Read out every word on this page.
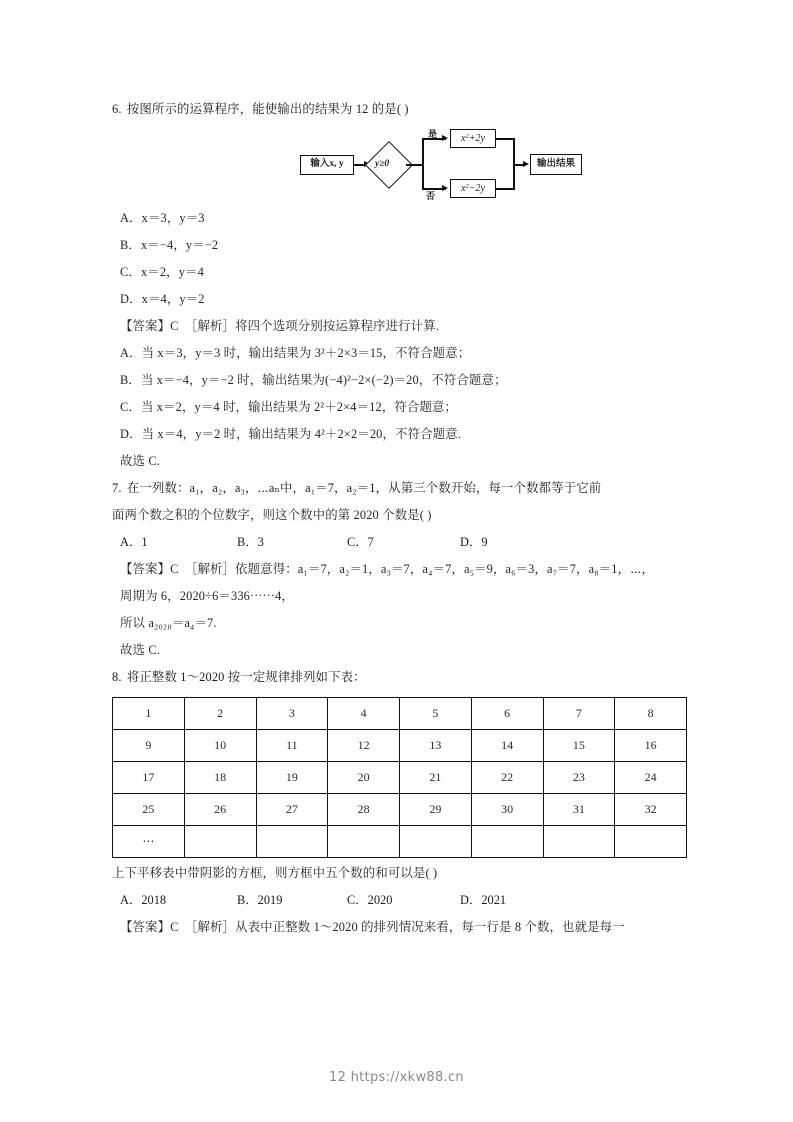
6. 按图所示的运算程序，能使输出的结果为 12 的是( )
输入x, y	y≥0
是 $x^2+2y$
否
$x^2-2y$
输出结果
A．x＝3，y＝3
B．x＝−4，y＝−2
C．x＝2，y＝4
D．x＝4，y＝2
【答案】C　［解析］将四个选项分别按运算程序进行计算.
A．当 x＝3，y＝3 时，输出结果为 3²＋2×3＝15，不符合题意；
B．当 x＝−4，y＝−2 时，输出结果为(−4)²−2×(−2)＝20，不符合题意；
C．当 x＝2，y＝4 时，输出结果为 2²＋2×4＝12，符合题意；
D．当 x＝4，y＝2 时，输出结果为 4²＋2×2＝20，不符合题意.
故选 C.
7. 在一列数：a₁，a₂，a₃，⋯aₙ中，a₁＝7，a₂＝1，从第三个数开始，每一个数都等于它前
面两个数之积的个位数字，则这个数中的第 2020 个数是( )
A．1	B．3	C．7	D．9
【答案】C　［解析］依题意得：a₁＝7，a₂＝1，a₃＝7，a₄＝7，a₅＝9，a₆＝3，a₇＝7，a₈＝1，⋯，
周期为 6，2020÷6＝336⋯⋯4，
所以 a₂₀₂₀＝a₄＝7.
故选 C.
8. 将正整数 1～2020 按一定规律排列如下表：
1	2	3	4	5	6	7	8
9	10	11	12	13	14	15	16
17	18	19	20	21	22	23	24
25	26	27	28	29	30	31	32
⋯							
上下平移表中带阴影的方框，则方框中五个数的和可以是( )
A．2018	B．2019	C．2020	D．2021
【答案】C　［解析］从表中正整数 1～2020 的排列情况来看，每一行是 8 个数，也就是每一
12 https://xkw88.cn
